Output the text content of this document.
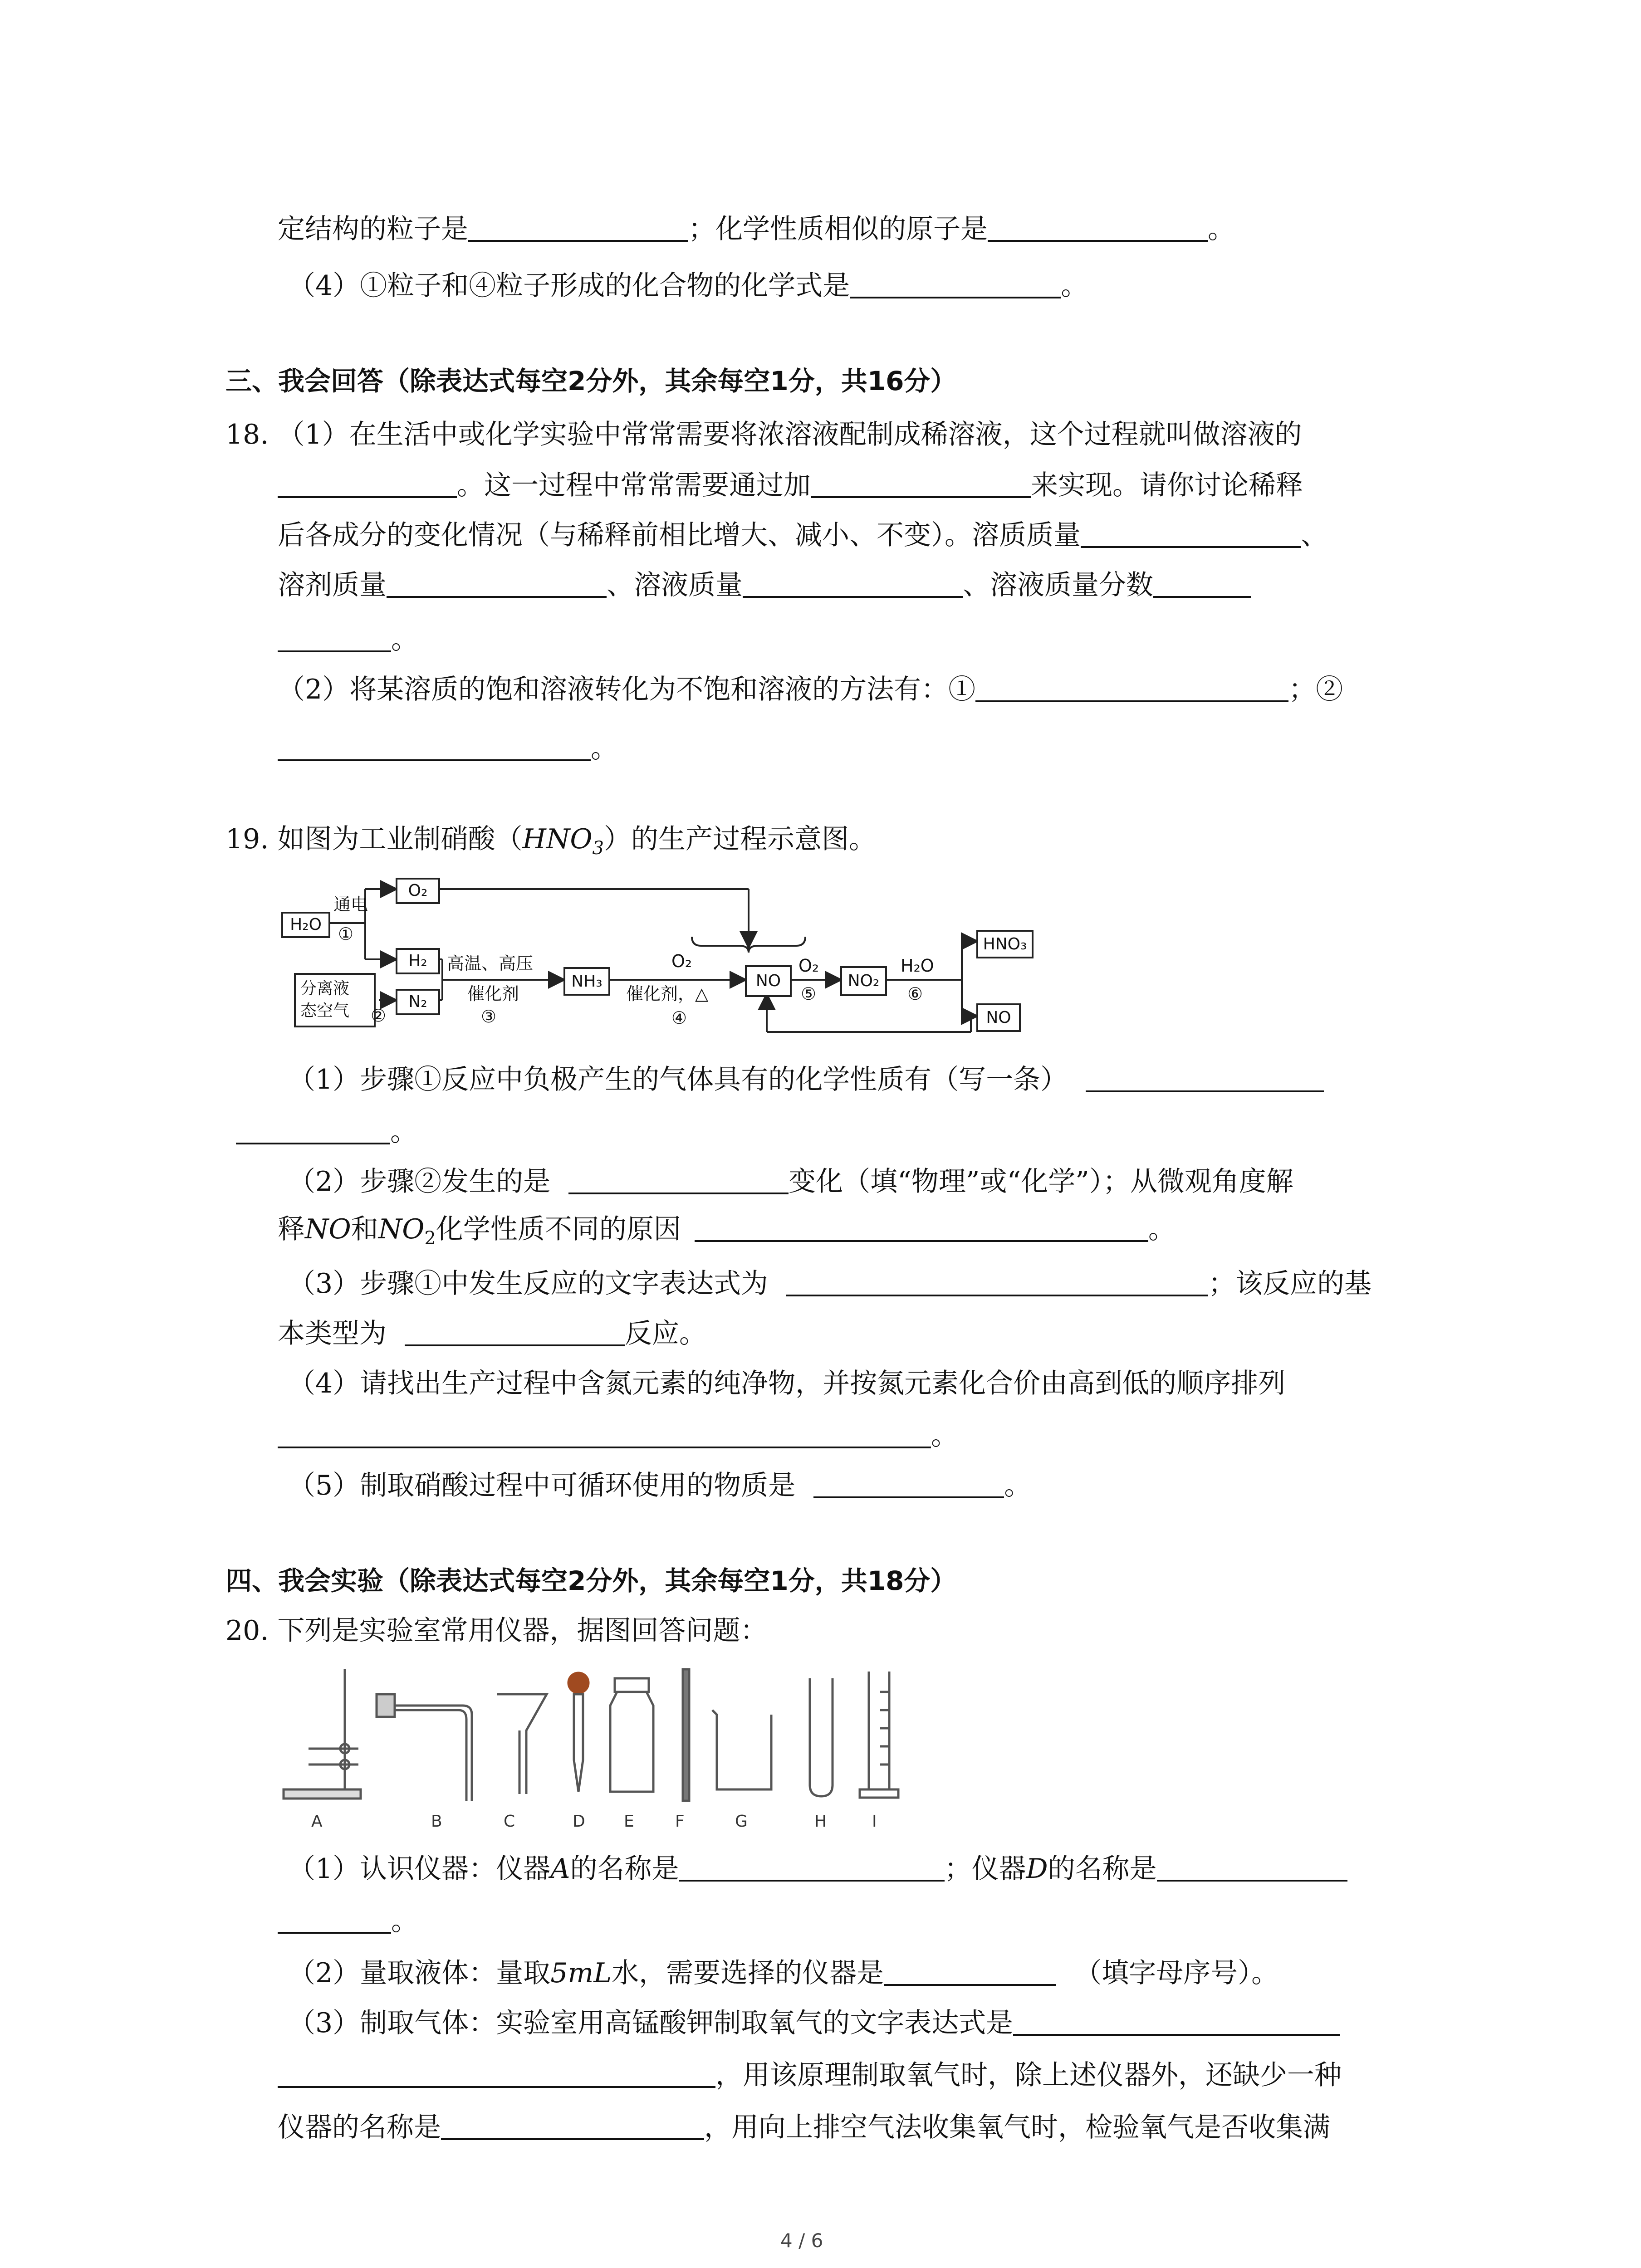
定结构的粒子是	；化学性质相似的原子是	。
（4）①粒子和④粒子形成的化合物的化学式是	。
三、我会回答（除表达式每空2分外，其余每空1分，共16分）
18. （1）在生活中或化学实验中常常需要将浓溶液配制成稀溶液，这个过程就叫做溶液的
。这一过程中常常需要通过加	来实现。请你讨论稀释
后各成分的变化情况（与稀释前相比增大、减小、不变）。溶质质量	、
溶剂质量	、溶液质量	、溶液质量分数
。
（2）将某溶质的饱和溶液转化为不饱和溶液的方法有：①	；②
。
19. 如图为工业制硝酸$(HNO_3)$的生产过程示意图。
H₂O
通电
①
O₂
H₂
分离液
态空气 ②
N₂
高温、高压
催化剂
③
NH₃
O₂
催化剂，△
④
NO
O₂
⑤
NO₂
H₂O
⑥
HNO₃
NO
（1）步骤①反应中负极产生的气体具有的化学性质有（写一条）
。
（2）步骤②发生的是	变化（填“物理”或“化学”）；从微观角度解
释NO和$NO_2$化学性质不同的原因	。
（3）步骤①中发生反应的文字表达式为	；该反应的基
本类型为	反应。
（4）请找出生产过程中含氮元素的纯净物，并按氮元素化合价由高到低的顺序排列
。
（5）制取硝酸过程中可循环使用的物质是	。
四、我会实验（除表达式每空2分外，其余每空1分，共18分）
20. 下列是实验室常用仪器，据图回答问题：
A	B	C	D E	F	G	H	I
（1）认识仪器：仪器A的名称是	；仪器D的名称是
。
（2）量取液体：量取5mL水，需要选择的仪器是	（填字母序号）。
（3）制取气体：实验室用高锰酸钾制取氧气的文字表达式是
，用该原理制取氧气时，除上述仪器外，还缺少一种
仪器的名称是	，用向上排空气法收集氧气时，检验氧气是否收集满
4 / 6
